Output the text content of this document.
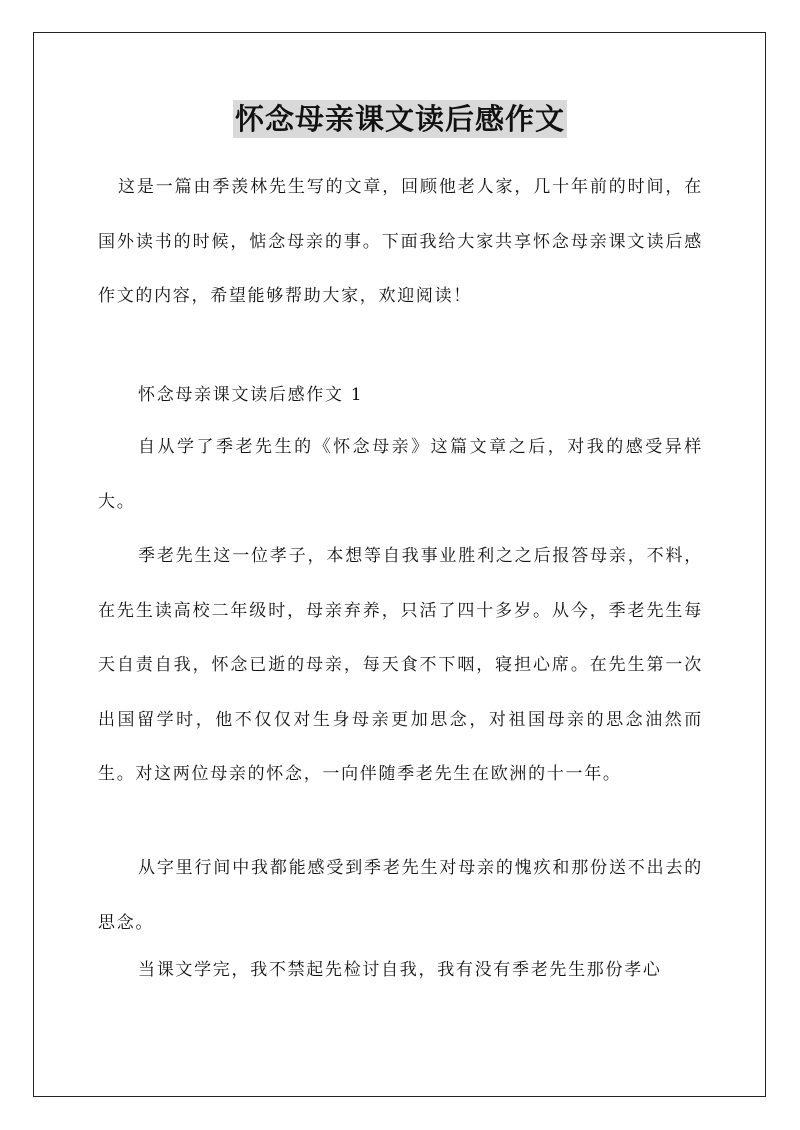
怀念母亲课文读后感作文

这是一篇由季羡林先生写的文章，回顾他老人家，几十年前的时间，在国外读书的时候，惦念母亲的事。下面我给大家共享怀念母亲课文读后感作文的内容，希望能够帮助大家，欢迎阅读！

怀念母亲课文读后感作文 1

自从学了季老先生的《怀念母亲》这篇文章之后，对我的感受异样大。

季老先生这一位孝子，本想等自我事业胜利之之后报答母亲，不料，在先生读高校二年级时，母亲弃养，只活了四十多岁。从今，季老先生每天自责自我，怀念已逝的母亲，每天食不下咽，寝担心席。在先生第一次出国留学时，他不仅仅对生身母亲更加思念，对祖国母亲的思念油然而生。对这两位母亲的怀念，一向伴随季老先生在欧洲的十一年。

从字里行间中我都能感受到季老先生对母亲的愧疚和那份送不出去的思念。

当课文学完，我不禁起先检讨自我，我有没有季老先生那份孝心
